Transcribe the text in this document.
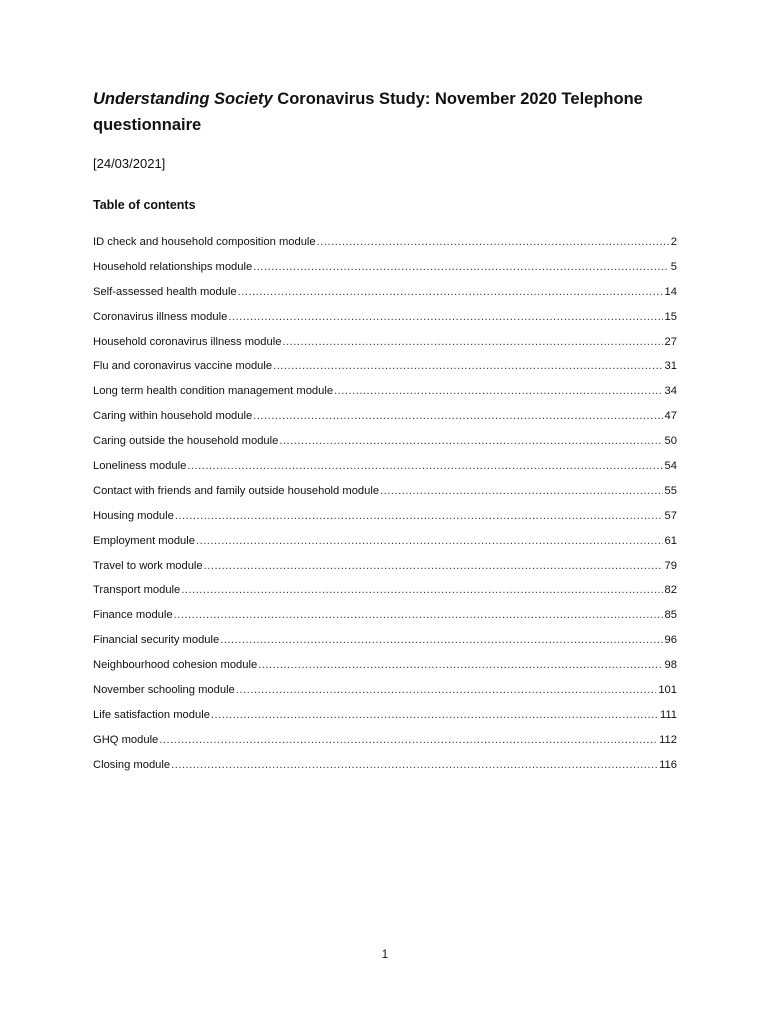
Understanding Society Coronavirus Study: November 2020 Telephone questionnaire

[24/03/2021]

Table of contents
ID check and household composition module .....	2
Household relationships module .....	5
Self-assessed health module .....	14
Coronavirus illness module .....	15
Household coronavirus illness module .....	27
Flu and coronavirus vaccine module .....	31
Long term health condition management module .....	34
Caring within household module .....	47
Caring outside the household module .....	50
Loneliness module .....	54
Contact with friends and family outside household module .....	55
Housing module .....	57
Employment module .....	61
Travel to work module .....	79
Transport module .....	82
Finance module .....	85
Financial security module .....	96
Neighbourhood cohesion module .....	98
November schooling module .....	101
Life satisfaction module .....	111
GHQ module .....	112
Closing module .....	116

1
